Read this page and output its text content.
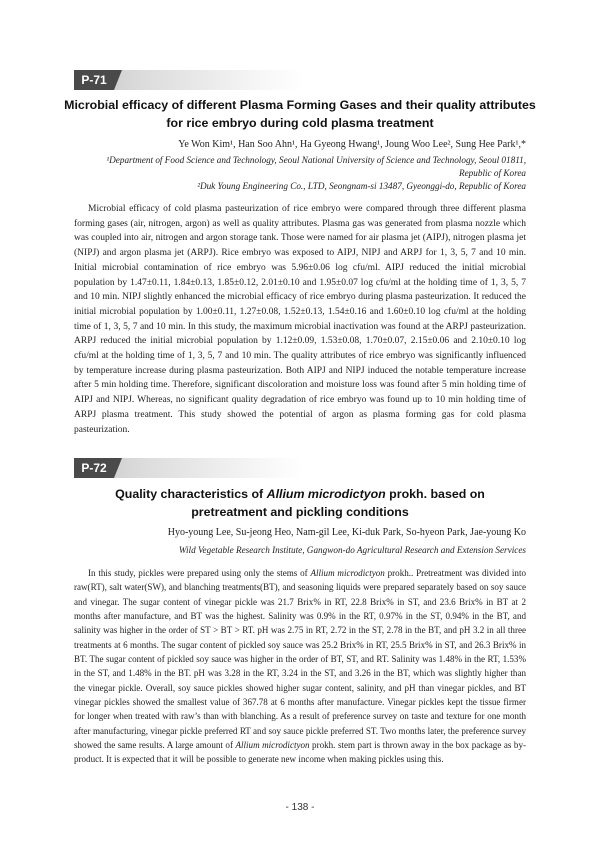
P-71
Microbial efficacy of different Plasma Forming Gases and their quality attributes
for rice embryo during cold plasma treatment
Ye Won Kim¹, Han Soo Ahn¹, Ha Gyeong Hwang¹, Joung Woo Lee², Sung Hee Park¹,*
¹Department of Food Science and Technology, Seoul National University of Science and Technology, Seoul 01811,
Republic of Korea
²Duk Young Engineering Co., LTD, Seongnam-si 13487, Gyeonggi-do, Republic of Korea

Microbial efficacy of cold plasma pasteurization of rice embryo were compared through three different plasma forming gases (air, nitrogen, argon) as well as quality attributes. Plasma gas was generated from plasma nozzle which was coupled into air, nitrogen and argon storage tank. Those were named for air plasma jet (AIPJ), nitrogen plasma jet (NIPJ) and argon plasma jet (ARPJ). Rice embryo was exposed to AIPJ, NIPJ and ARPJ for 1, 3, 5, 7 and 10 min. Initial microbial contamination of rice embryo was 5.96±0.06 log cfu/ml. AIPJ reduced the initial microbial population by 1.47±0.11, 1.84±0.13, 1.85±0.12, 2.01±0.10 and 1.95±0.07 log cfu/ml at the holding time of 1, 3, 5, 7 and 10 min. NIPJ slightly enhanced the microbial efficacy of rice embryo during plasma pasteurization. It reduced the initial microbial population by 1.00±0.11, 1.27±0.08, 1.52±0.13, 1.54±0.16 and 1.60±0.10 log cfu/ml at the holding time of 1, 3, 5, 7 and 10 min. In this study, the maximum microbial inactivation was found at the ARPJ pasteurization. ARPJ reduced the initial microbial population by 1.12±0.09, 1.53±0.08, 1.70±0.07, 2.15±0.06 and 2.10±0.10 log cfu/ml at the holding time of 1, 3, 5, 7 and 10 min. The quality attributes of rice embryo was significantly influenced by temperature increase during plasma pasteurization. Both AIPJ and NIPJ induced the notable temperature increase after 5 min holding time. Therefore, significant discoloration and moisture loss was found after 5 min holding time of AIPJ and NIPJ. Whereas, no significant quality degradation of rice embryo was found up to 10 min holding time of ARPJ plasma treatment. This study showed the potential of argon as plasma forming gas for cold plasma pasteurization.

P-72
Quality characteristics of Allium microdictyon prokh. based on
pretreatment and pickling conditions
Hyo-young Lee, Su-jeong Heo, Nam-gil Lee, Ki-duk Park, So-hyeon Park, Jae-young Ko
Wild Vegetable Research Institute, Gangwon-do Agricultural Research and Extension Services

In this study, pickles were prepared using only the stems of Allium microdictyon prokh.. Pretreatment was divided into raw(RT), salt water(SW), and blanching treatments(BT), and seasoning liquids were prepared separately based on soy sauce and vinegar. The sugar content of vinegar pickle was 21.7 Brix% in RT, 22.8 Brix% in ST, and 23.6 Brix% in BT at 2 months after manufacture, and BT was the highest. Salinity was 0.9% in the RT, 0.97% in the ST, 0.94% in the BT, and salinity was higher in the order of ST > BT > RT. pH was 2.75 in RT, 2.72 in the ST, 2.78 in the BT, and pH 3.2 in all three treatments at 6 months. The sugar content of pickled soy sauce was 25.2 Brix% in RT, 25.5 Brix% in ST, and 26.3 Brix% in BT. The sugar content of pickled soy sauce was higher in the order of BT, ST, and RT. Salinity was 1.48% in the RT, 1.53% in the ST, and 1.48% in the BT. pH was 3.28 in the RT, 3.24 in the ST, and 3.26 in the BT, which was slightly higher than the vinegar pickle. Overall, soy sauce pickles showed higher sugar content, salinity, and pH than vinegar pickles, and BT vinegar pickles showed the smallest value of 367.78 at 6 months after manufacture. Vinegar pickles kept the tissue firmer for longer when treated with raw’s than with blanching. As a result of preference survey on taste and texture for one month after manufacturing, vinegar pickle preferred RT and soy sauce pickle preferred ST. Two months later, the preference survey showed the same results. A large amount of Allium microdictyon prokh. stem part is thrown away in the box package as by-product. It is expected that it will be possible to generate new income when making pickles using this.

- 138 -
